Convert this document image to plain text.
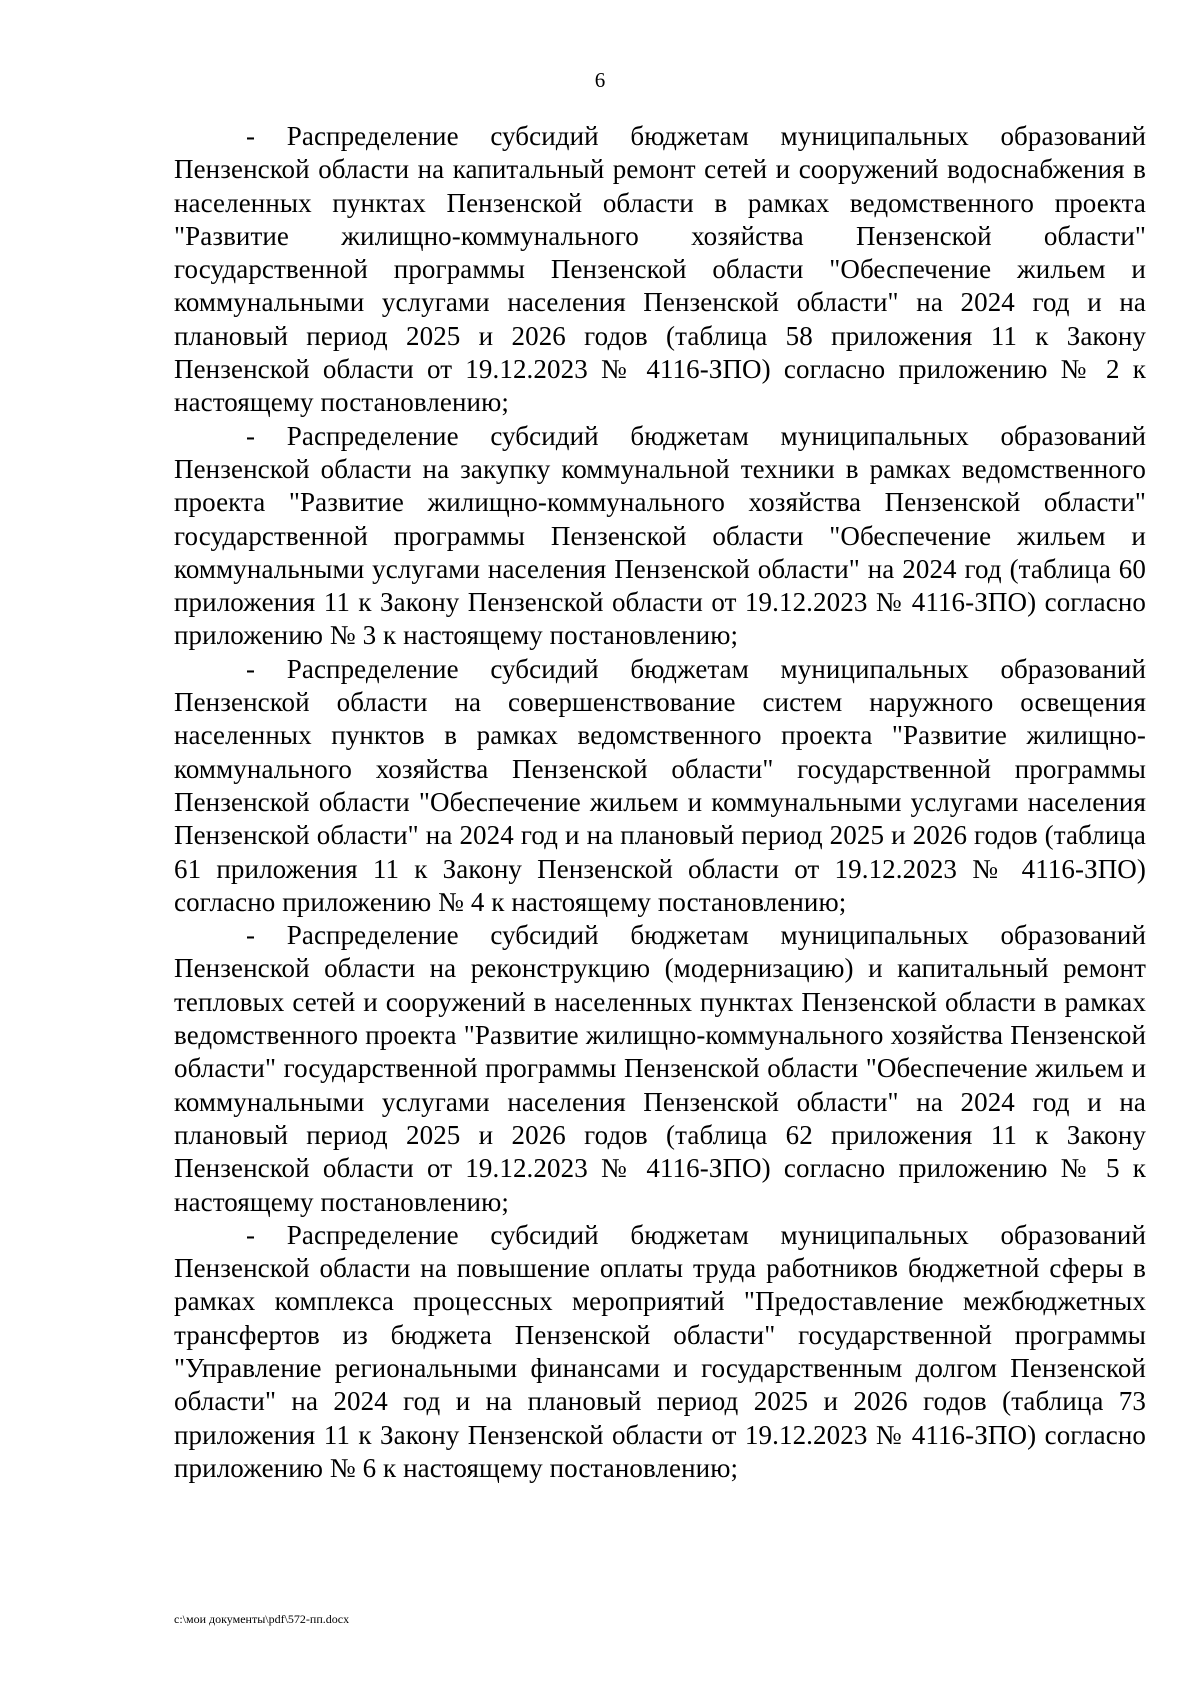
6

- Распределение субсидий бюджетам муниципальных образований Пензенской области на капитальный ремонт сетей и сооружений водоснабжения в населенных пунктах Пензенской области в рамках ведомственного проекта "Развитие жилищно-коммунального хозяйства Пензенской области" государственной программы Пензенской области "Обеспечение жильем и коммунальными услугами населения Пензенской области" на 2024 год и на плановый период 2025 и 2026 годов (таблица 58 приложения 11 к Закону Пензенской области от 19.12.2023 № 4116-ЗПО) согласно приложению № 2 к настоящему постановлению;

- Распределение субсидий бюджетам муниципальных образований Пензенской области на закупку коммунальной техники в рамках ведомственного проекта "Развитие жилищно-коммунального хозяйства Пензенской области" государственной программы Пензенской области "Обеспечение жильем и коммунальными услугами населения Пензенской области" на 2024 год (таблица 60 приложения 11 к Закону Пензенской области от 19.12.2023 № 4116-ЗПО) согласно приложению № 3 к настоящему постановлению;

- Распределение субсидий бюджетам муниципальных образований Пензенской области на совершенствование систем наружного освещения населенных пунктов в рамках ведомственного проекта "Развитие жилищно-коммунального хозяйства Пензенской области" государственной программы Пензенской области "Обеспечение жильем и коммунальными услугами населения Пензенской области" на 2024 год и на плановый период 2025 и 2026 годов (таблица 61 приложения 11 к Закону Пензенской области от 19.12.2023 № 4116-ЗПО) согласно приложению № 4 к настоящему постановлению;

- Распределение субсидий бюджетам муниципальных образований Пензенской области на реконструкцию (модернизацию) и капитальный ремонт тепловых сетей и сооружений в населенных пунктах Пензенской области в рамках ведомственного проекта "Развитие жилищно-коммунального хозяйства Пензенской области" государственной программы Пензенской области "Обеспечение жильем и коммунальными услугами населения Пензенской области" на 2024 год и на плановый период 2025 и 2026 годов (таблица 62 приложения 11 к Закону Пензенской области от 19.12.2023 № 4116-ЗПО) согласно приложению № 5 к настоящему постановлению;

- Распределение субсидий бюджетам муниципальных образований Пензенской области на повышение оплаты труда работников бюджетной сферы в рамках комплекса процессных мероприятий "Предоставление межбюджетных трансфертов из бюджета Пензенской области" государственной программы "Управление региональными финансами и государственным долгом Пензенской области" на 2024 год и на плановый период 2025 и 2026 годов (таблица 73 приложения 11 к Закону Пензенской области от 19.12.2023 № 4116-ЗПО) согласно приложению № 6 к настоящему постановлению;

c:\мои документы\pdf\572-пп.docx
